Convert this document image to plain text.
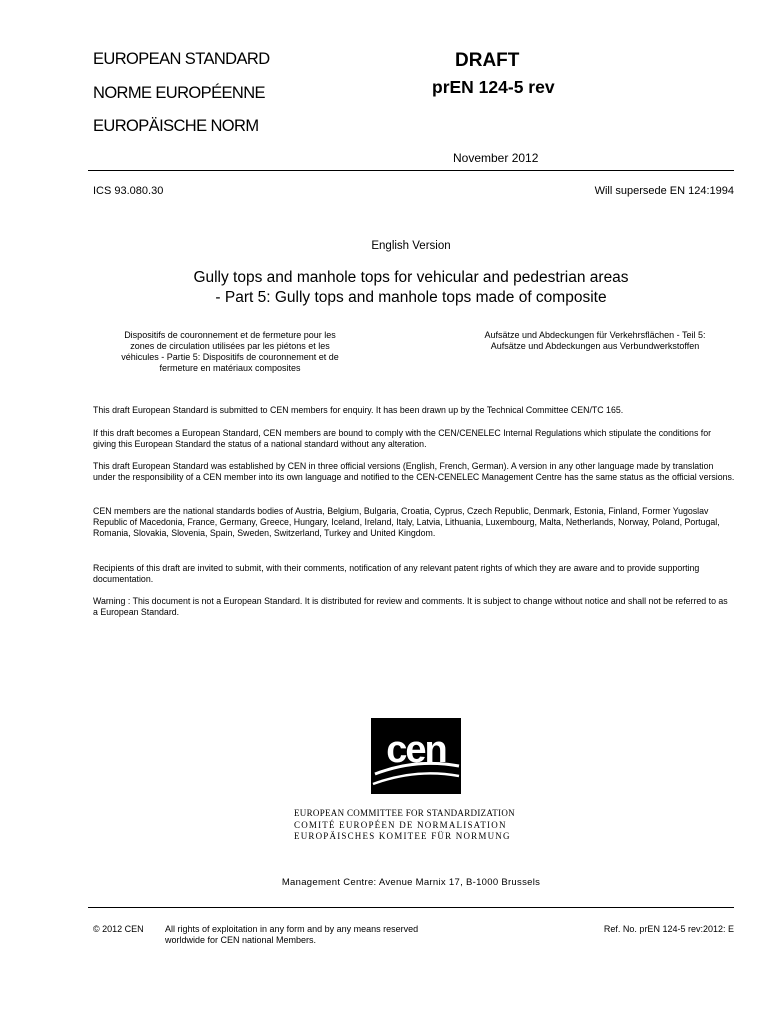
EUROPEAN STANDARD
NORME EUROPÉENNE
EUROPÄISCHE NORM
DRAFT
prEN 124-5 rev
November 2012
ICS 93.080.30	Will supersede EN 124:1994
English Version
Gully tops and manhole tops for vehicular and pedestrian areas
- Part 5: Gully tops and manhole tops made of composite
Dispositifs de couronnement et de fermeture pour les
zones de circulation utilisées par les piétons et les
véhicules - Partie 5: Dispositifs de couronnement et de
fermeture en matériaux composites
Aufsätze und Abdeckungen für Verkehrsflächen - Teil 5:
Aufsätze und Abdeckungen aus Verbundwerkstoffen
This draft European Standard is submitted to CEN members for enquiry. It has been drawn up by the Technical Committee CEN/TC 165.
If this draft becomes a European Standard, CEN members are bound to comply with the CEN/CENELEC Internal Regulations which stipulate the conditions for giving this European Standard the status of a national standard without any alteration.
This draft European Standard was established by CEN in three official versions (English, French, German). A version in any other language made by translation under the responsibility of a CEN member into its own language and notified to the CEN-CENELEC Management Centre has the same status as the official versions.
CEN members are the national standards bodies of Austria, Belgium, Bulgaria, Croatia, Cyprus, Czech Republic, Denmark, Estonia, Finland, Former Yugoslav Republic of Macedonia, France, Germany, Greece, Hungary, Iceland, Ireland, Italy, Latvia, Lithuania, Luxembourg, Malta, Netherlands, Norway, Poland, Portugal, Romania, Slovakia, Slovenia, Spain, Sweden, Switzerland, Turkey and United Kingdom.
Recipients of this draft are invited to submit, with their comments, notification of any relevant patent rights of which they are aware and to provide supporting documentation.
Warning : This document is not a European Standard. It is distributed for review and comments. It is subject to change without notice and shall not be referred to as a European Standard.
cen
EUROPEAN COMMITTEE FOR STANDARDIZATION
COMITÉ EUROPÉEN DE NORMALISATION
EUROPÄISCHES KOMITEE FÜR NORMUNG
Management Centre: Avenue Marnix 17, B-1000 Brussels
© 2012 CEN All rights of exploitation in any form and by any means reserved
worldwide for CEN national Members.
Ref. No. prEN 124-5 rev:2012: E
